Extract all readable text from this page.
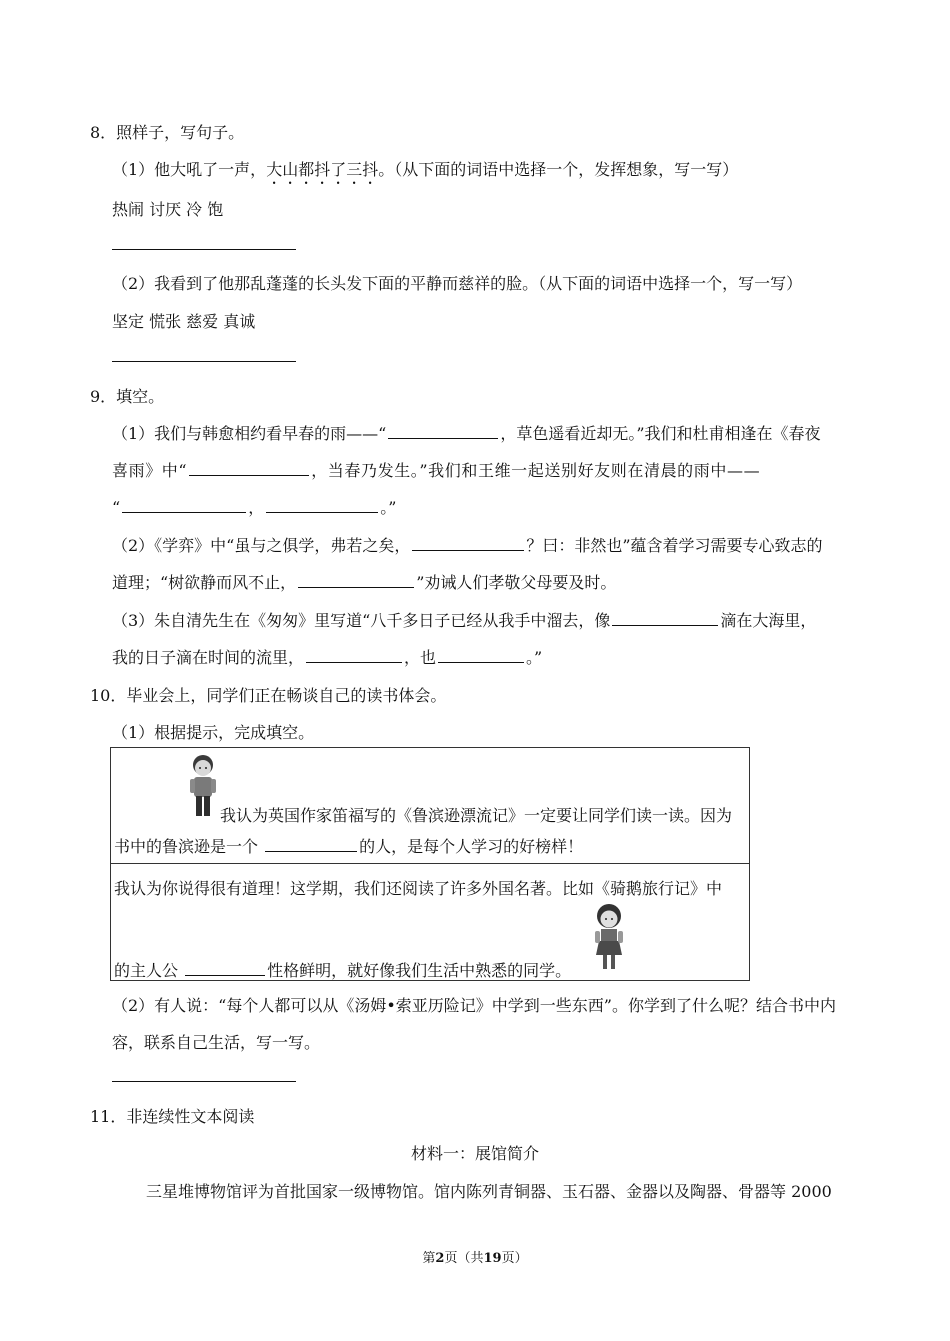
8．照样子，写句子。
（1）他大吼了一声，大山都抖了三抖。（从下面的词语中选择一个，发挥想象，写一写）
热闹 讨厌 冷 饱
（2）我看到了他那乱蓬蓬的长头发下面的平静而慈祥的脸。（从下面的词语中选择一个，写一写）
坚定 慌张 慈爱 真诚
9．填空。
（1）我们与韩愈相约看早春的雨——“	，草色遥看近却无。”我们和杜甫相逢在《春夜
喜雨》中“	，当春乃发生。”我们和王维一起送别好友则在清晨的雨中——
“	，	。”
（2）《学弈》中“虽与之俱学，弗若之矣，	？曰：非然也”蕴含着学习需要专心致志的
道理；“树欲静而风不止，	”劝诫人们孝敬父母要及时。
（3）朱自清先生在《匆匆》里写道“八千多日子已经从我手中溜去，像	滴在大海里，
我的日子滴在时间的流里，	，也	。”
10．毕业会上，同学们正在畅谈自己的读书体会。
（1）根据提示，完成填空。
我认为英国作家笛福写的《鲁滨逊漂流记》一定要让同学们读一读。因为
书中的鲁滨逊是一个	的人，是每个人学习的好榜样！
我认为你说得很有道理！这学期，我们还阅读了许多外国名著。比如《骑鹅旅行记》中
的主人公	性格鲜明，就好像我们生活中熟悉的同学。
（2）有人说：“每个人都可以从《汤姆•索亚历险记》中学到一些东西”。你学到了什么呢？结合书中内
容，联系自己生活，写一写。
11．非连续性文本阅读
材料一：展馆简介
三星堆博物馆评为首批国家一级博物馆。馆内陈列青铜器、玉石器、金器以及陶器、骨器等 2000
第2页（共19页）
